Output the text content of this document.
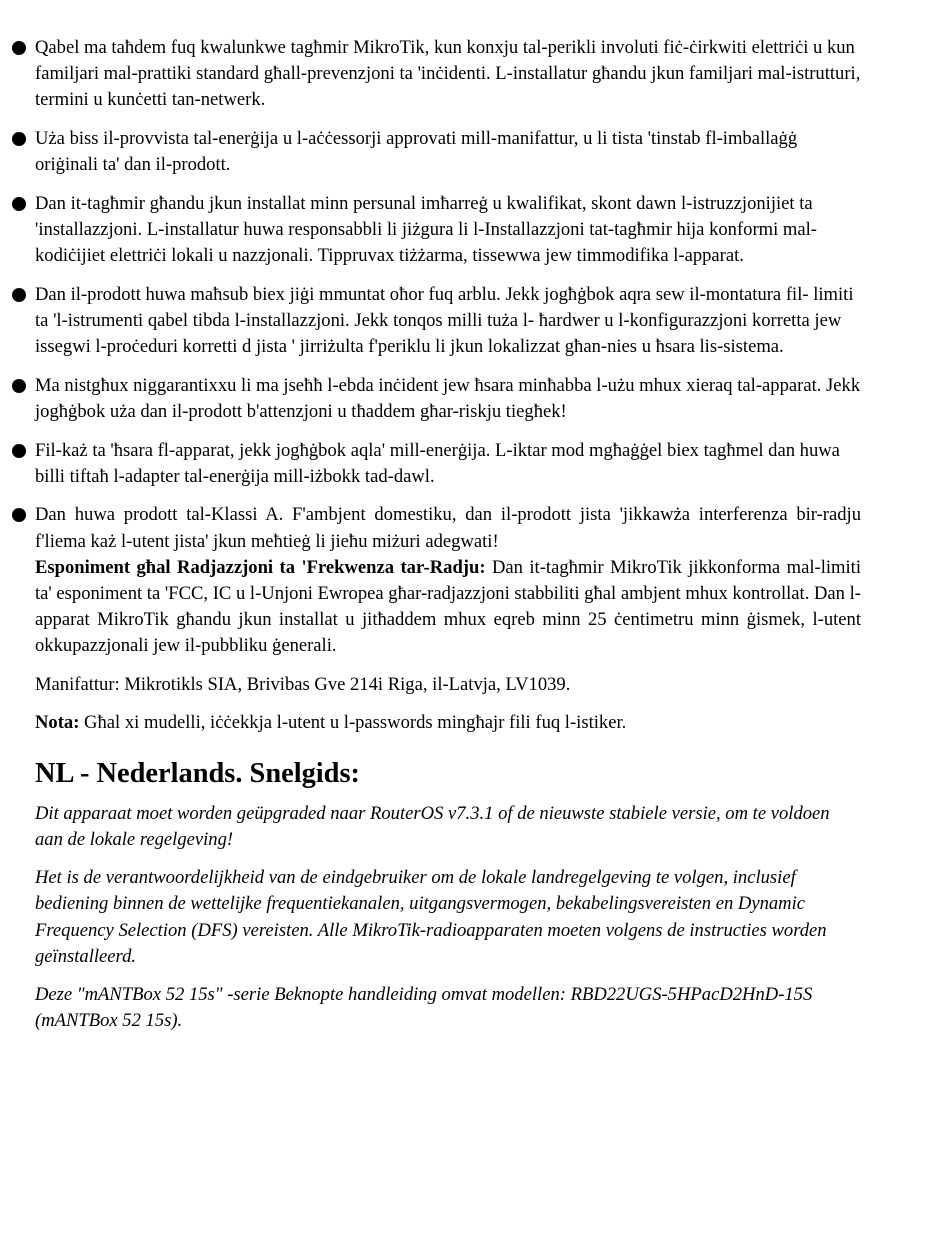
Qabel ma taħdem fuq kwalunkwe tagħmir MikroTik, kun konxju tal-perikli involuti fiċ-ċirkwiti elettriċi u kun familjari mal-prattiki standard għall-prevenzjoni ta 'inċidenti. L-installatur għandu jkun familjari mal-istrutturi, termini u kunċetti tan-netwerk.

Uża biss il-provvista tal-enerġija u l-aċċessorji approvati mill-manifattur, u li tista 'tinstab fl-imballaġġ oriġinali ta' dan il-prodott.

Dan it-tagħmir għandu jkun installat minn persunal imħarreġ u kwalifikat, skont dawn l-istruzzjonijiet ta 'installazzjoni. L-installatur huwa responsabbli li jiżgura li l-Installazzjoni tat-tagħmir hija konformi mal-kodiċijiet elettriċi lokali u nazzjonali. Tippruvax tiżżarma, tissewwa jew timmodifika l-apparat.

Dan il-prodott huwa maħsub biex jiġi mmuntat oħor fuq arblu. Jekk jogħġbok aqra sew il-montatura fil- limiti ta 'l-istrumenti qabel tibda l-installazzjoni. Jekk tonqos milli tuża l- ħardwer u l-konfigurazzjoni korretta jew issegwi l-proċeduri korretti d jista ' jirriżulta f'periklu li jkun lokalizzat għan-nies u ħsara lis-sistema.

Ma nistgħux niggarantixxu li ma jseħħ l-ebda inċident jew ħsara minħabba l-użu mhux xieraq tal-apparat. Jekk jogħġbok uża dan il-prodott b'attenzjoni u tħaddem għar-riskju tiegħek!

Fil-każ ta 'ħsara fl-apparat, jekk jogħġbok aqla' mill-enerġija. L-iktar mod mgħaġġel biex tagħmel dan huwa billi tiftaħ l-adapter tal-enerġija mill-iżbokk tad-dawl.

Dan huwa prodott tal-Klassi A. F'ambjent domestiku, dan il-prodott jista 'jikkawża interferenza bir-radju f'liema każ l-utent jista' jkun meħtieġ li jieħu miżuri adegwati!

Esponiment għal Radjazzjoni ta 'Frekwenza tar-Radju: Dan it-tagħmir MikroTik jikkonforma mal-limiti ta' esponiment ta 'FCC, IC u l-Unjoni Ewropea għar-radjazzjoni stabbiliti għal ambjent mhux kontrollat. Dan l-apparat MikroTik għandu jkun installat u jitħaddem mhux eqreb minn 25 ċentimetru minn ġismek, l-utent okkupazzjonali jew il-pubbliku ġenerali.

Manifattur: Mikrotikls SIA, Brivibas Gve 214i Riga, il-Latvja, LV1039.

Nota: Għal xi mudelli, iċċekkja l-utent u l-passwords mingħajr fili fuq l-istiker.

NL - Nederlands. Snelgids:

Dit apparaat moet worden geüpgraded naar RouterOS v7.3.1 of de nieuwste stabiele versie, om te voldoen aan de lokale regelgeving!

Het is de verantwoordelijkheid van de eindgebruiker om de lokale landregelgeving te volgen, inclusief bediening binnen de wettelijke frequentiekanalen, uitgangsvermogen, bekabelingsvereisten en Dynamic Frequency Selection (DFS) vereisten. Alle MikroTik-radioapparaten moeten volgens de instructies worden geïnstalleerd.

Deze "mANTBox 52 15s" -serie Beknopte handleiding omvat modellen: RBD22UGS-5HPacD2HnD-15S (mANTBox 52 15s).
